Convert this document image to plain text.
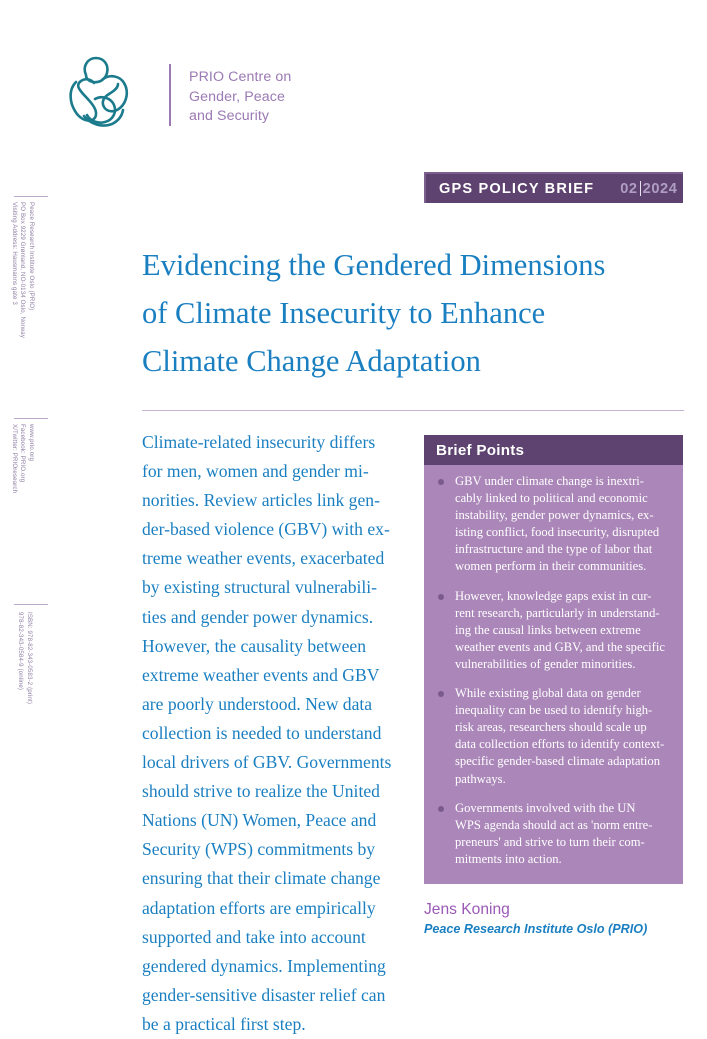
Peace Research Institute Oslo (PRIO)
PO Box 9229 Grønland, NO-0134 Oslo, Norway
Visiting Address: Hausmanns gate 3
www.prio.org
Facebook: PRIO.org
X/Twitter: PRIOresearch
ISBN: 978-82-343-0583-2 (print)
978-82-343-0584-9 (online)
PRIO Centre on
Gender, Peace
and Security
GPS POLICY BRIEF 02 2024
Evidencing the Gendered Dimensions
of Climate Insecurity to Enhance
Climate Change Adaptation
Climate-related insecurity differs
for men, women and gender mi-
norities. Review articles link gen-
der-based violence (GBV) with ex-
treme weather events, exacerbated
by existing structural vulnerabili-
ties and gender power dynamics.
However, the causality between
extreme weather events and GBV
are poorly understood. New data
collection is needed to understand
local drivers of GBV. Governments
should strive to realize the United
Nations (UN) Women, Peace and
Security (WPS) commitments by
ensuring that their climate change
adaptation efforts are empirically
supported and take into account
gendered dynamics. Implementing
gender-sensitive disaster relief can
be a practical first step.
Brief Points
GBV under climate change is inextri-
cably linked to political and economic
instability, gender power dynamics, ex-
isting conflict, food insecurity, disrupted
infrastructure and the type of labor that
women perform in their communities.
However, knowledge gaps exist in cur-
rent research, particularly in understand-
ing the causal links between extreme
weather events and GBV, and the specific
vulnerabilities of gender minorities.
While existing global data on gender
inequality can be used to identify high-
risk areas, researchers should scale up
data collection efforts to identify context-
specific gender-based climate adaptation
pathways.
Governments involved with the UN
WPS agenda should act as 'norm entre-
preneurs' and strive to turn their com-
mitments into action.
Jens Koning
Peace Research Institute Oslo (PRIO)
